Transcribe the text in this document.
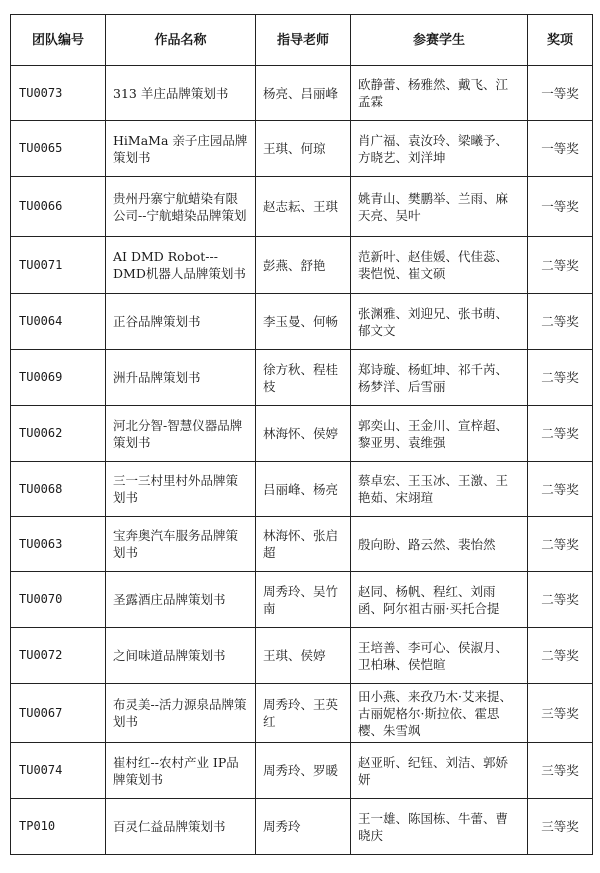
团队编号	作品名称	指导老师	参赛学生	奖项
TU0073	313 羊庄品牌策划书	杨亮、吕丽峰	欧静蕾、杨雅然、戴飞、江孟霖	一等奖
TU0065	HiMaMa 亲子庄园品牌策划书	王琪、何琼	肖广福、袁汝玲、梁曦予、方晓艺、刘洋坤	一等奖
TU0066	贵州丹寨宁航蜡染有限公司--宁航蜡染品牌策划	赵志耘、王琪	姚青山、樊鹏举、兰雨、麻天亮、吴叶	一等奖
TU0071	AI DMD Robot--- DMD机器人品牌策划书	彭燕、舒艳	范新叶、赵佳媛、代佳蕊、裴恺悦、崔文硕	二等奖
TU0064	正谷品牌策划书	李玉曼、何畅	张渊雅、刘迎兄、张书萌、郁文文	二等奖
TU0069	洲升品牌策划书	徐方秋、程桂枝	郑诗璇、杨虹坤、祁千芮、杨梦洋、后雪丽	二等奖
TU0062	河北分智-智慧仪器品牌策划书	林海怀、侯婷	郭奕山、王金川、宣梓超、黎亚男、袁维强	二等奖
TU0068	三一三村里村外品牌策划书	吕丽峰、杨亮	蔡卓宏、王玉冰、王激、王艳茹、宋翊瑄	二等奖
TU0063	宝奔奥汽车服务品牌策划书	林海怀、张启超	殷向盼、路云然、裴怡然	二等奖
TU0070	圣露酒庄品牌策划书	周秀玲、吴竹南	赵同、杨帆、程红、刘雨函、阿尔祖古丽·买托合提	二等奖
TU0072	之间味道品牌策划书	王琪、侯婷	王培善、李可心、侯淑月、卫柏琳、侯恺暄	二等奖
TU0067	布灵美--活力源泉品牌策划书	周秀玲、王英红	田小燕、来孜乃木·艾来提、古丽妮格尔·斯拉依、霍思樱、朱雪飒	三等奖
TU0074	崔村红--农村产业 IP品牌策划书	周秀玲、罗暖	赵亚昕、纪钰、刘洁、郭娇妍	三等奖
TP010	百灵仁益品牌策划书	周秀玲	王一雄、陈国栋、牛蕾、曹晓庆	三等奖
